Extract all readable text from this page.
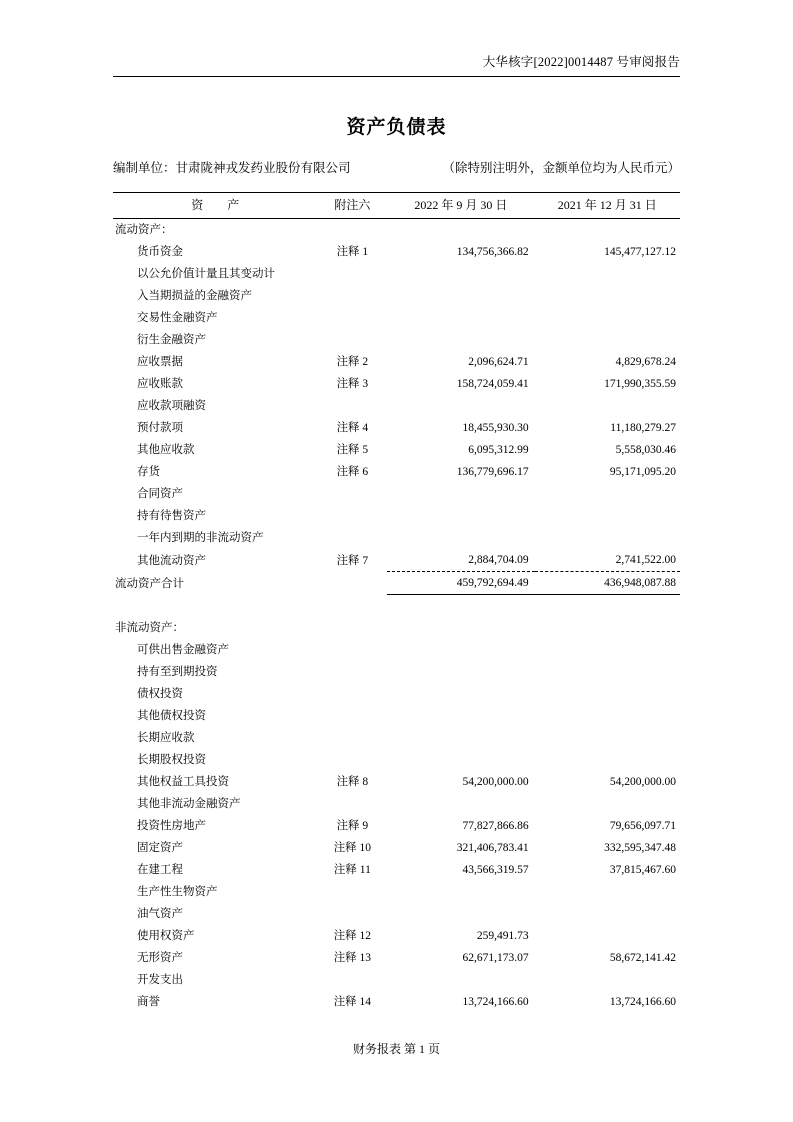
大华核字[2022]0014487 号审阅报告
资产负债表
编制单位：甘肃陇神戎发药业股份有限公司	（除特别注明外，金额单位均为人民币元）
资　产	附注六	2022 年 9 月 30 日	2021 年 12 月 31 日
流动资产：			
货币资金	注释 1	134,756,366.82	145,477,127.12
以公允价值计量且其变动计			
入当期损益的金融资产			
交易性金融资产			
衍生金融资产			
应收票据	注释 2	2,096,624.71	4,829,678.24
应收账款	注释 3	158,724,059.41	171,990,355.59
应收款项融资			
预付款项	注释 4	18,455,930.30	11,180,279.27
其他应收款	注释 5	6,095,312.99	5,558,030.46
存货	注释 6	136,779,696.17	95,171,095.20
合同资产			
持有待售资产			
一年内到期的非流动资产			
其他流动资产	注释 7	2,884,704.09	2,741,522.00
流动资产合计		459,792,694.49	436,948,087.88

非流动资产：			
可供出售金融资产			
持有至到期投资			
债权投资			
其他债权投资			
长期应收款			
长期股权投资			
其他权益工具投资	注释 8	54,200,000.00	54,200,000.00
其他非流动金融资产			
投资性房地产	注释 9	77,827,866.86	79,656,097.71
固定资产	注释 10	321,406,783.41	332,595,347.48
在建工程	注释 11	43,566,319.57	37,815,467.60
生产性生物资产			
油气资产			
使用权资产	注释 12	259,491.73	
无形资产	注释 13	62,671,173.07	58,672,141.42
开发支出			
商誉	注释 14	13,724,166.60	13,724,166.60
财务报表 第 1 页
